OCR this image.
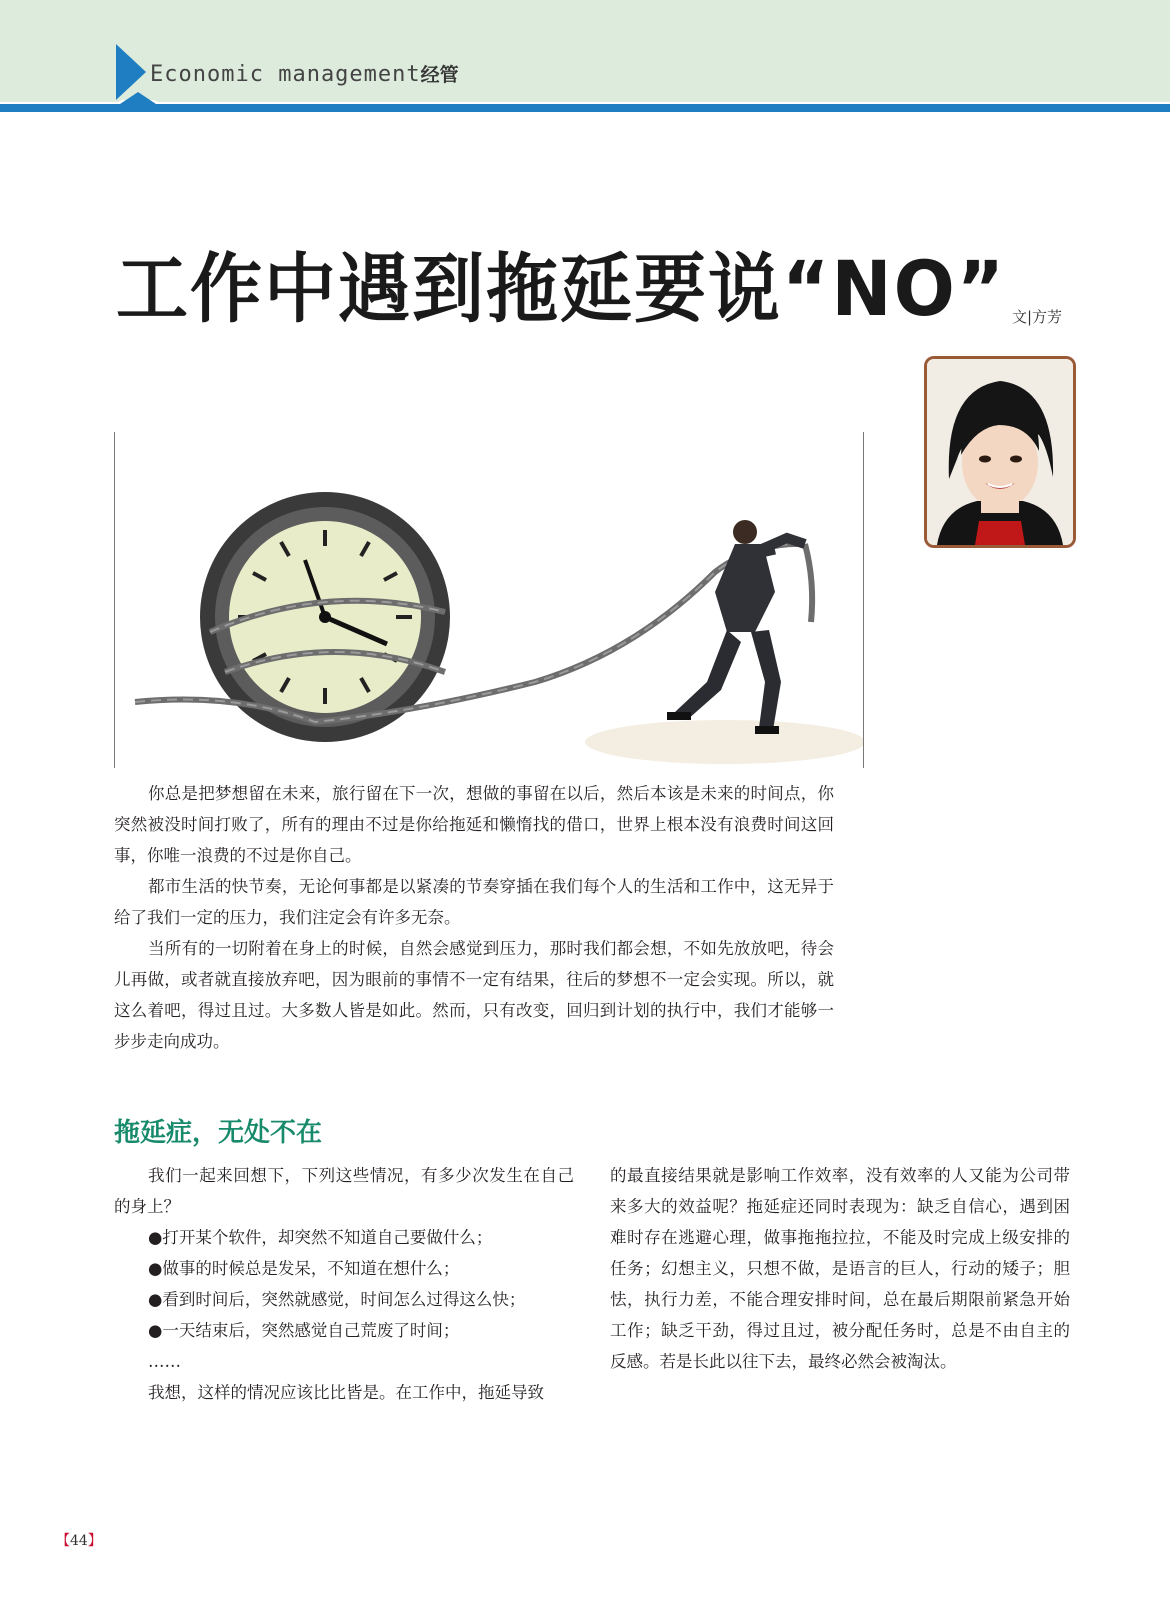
Economic management经管
工作中遇到拖延要说“NO” 文|方芳

你总是把梦想留在未来，旅行留在下一次，想做的事留在以后，然后本该是未来的时间点，你突然被没时间打败了，所有的理由不过是你给拖延和懒惰找的借口，世界上根本没有浪费时间这回事，你唯一浪费的不过是你自己。

都市生活的快节奏，无论何事都是以紧凑的节奏穿插在我们每个人的生活和工作中，这无异于给了我们一定的压力，我们注定会有许多无奈。

当所有的一切附着在身上的时候，自然会感觉到压力，那时我们都会想，不如先放放吧，待会儿再做，或者就直接放弃吧，因为眼前的事情不一定有结果，往后的梦想不一定会实现。所以，就这么着吧，得过且过。大多数人皆是如此。然而，只有改变，回归到计划的执行中，我们才能够一步步走向成功。

拖延症，无处不在

我们一起来回想下，下列这些情况，有多少次发生在自己的身上？

●打开某个软件，却突然不知道自己要做什么；

●做事的时候总是发呆，不知道在想什么；

●看到时间后，突然就感觉，时间怎么过得这么快；

●一天结束后，突然感觉自己荒废了时间；

……

我想，这样的情况应该比比皆是。在工作中，拖延导致

的最直接结果就是影响工作效率，没有效率的人又能为公司带来多大的效益呢？拖延症还同时表现为：缺乏自信心，遇到困难时存在逃避心理，做事拖拖拉拉，不能及时完成上级安排的任务；幻想主义，只想不做，是语言的巨人，行动的矮子；胆怯，执行力差，不能合理安排时间，总在最后期限前紧急开始工作；缺乏干劲，得过且过，被分配任务时，总是不由自主的反感。若是长此以往下去，最终必然会被淘汰。

【44】
